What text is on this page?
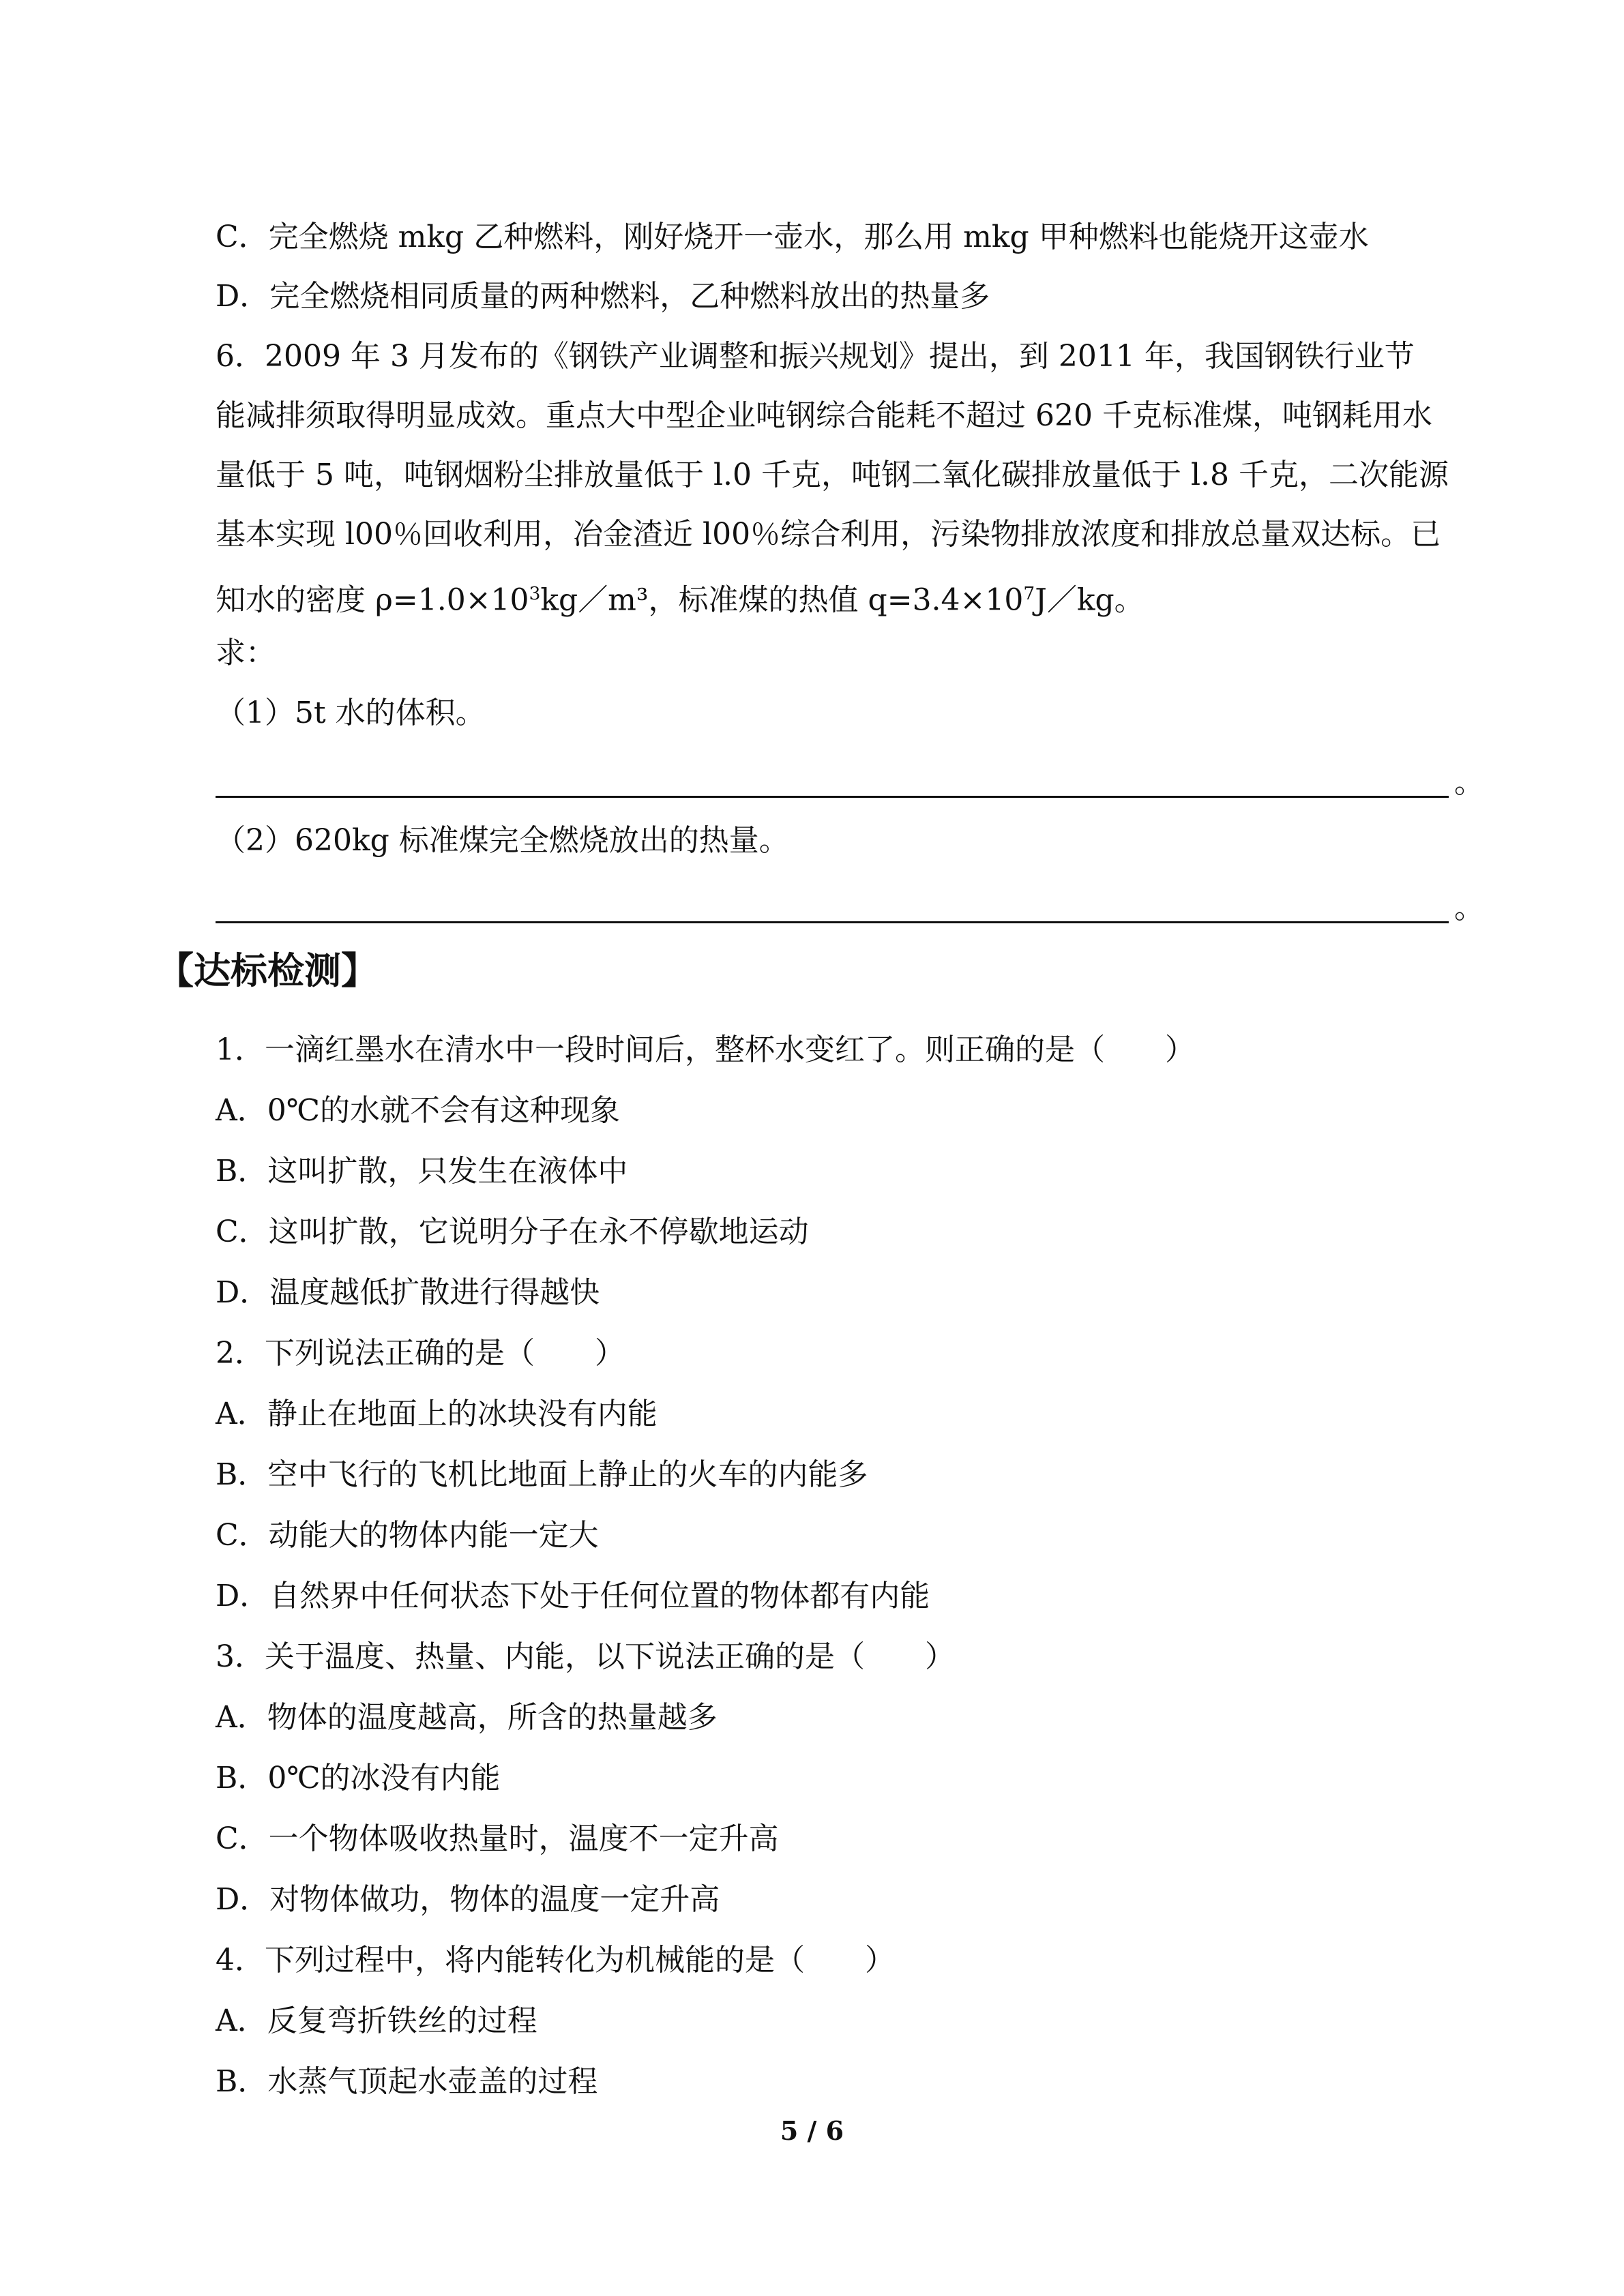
C．完全燃烧 mkg 乙种燃料，刚好烧开一壶水，那么用 mkg 甲种燃料也能烧开这壶水
D．完全燃烧相同质量的两种燃料，乙种燃料放出的热量多
6．2009 年 3 月发布的《钢铁产业调整和振兴规划》提出，到 2011 年，我国钢铁行业节
能减排须取得明显成效。重点大中型企业吨钢综合能耗不超过 620 千克标准煤，吨钢耗用水
量低于 5 吨，吨钢烟粉尘排放量低于 l.0 千克，吨钢二氧化碳排放量低于 l.8 千克，二次能源
基本实现 l00％回收利用，冶金渣近 l00％综合利用，污染物排放浓度和排放总量双达标。已
知水的密度 $\rho=1.0\times 10^3kg/m^3$，标准煤的热值 $q=3.4\times 10^7J/kg$。
求：
（1）5t 水的体积。
。
（2）620kg 标准煤完全燃烧放出的热量。
。
【达标检测】
1．一滴红墨水在清水中一段时间后，整杯水变红了。则正确的是（　　）
A．0℃的水就不会有这种现象
B．这叫扩散，只发生在液体中
C．这叫扩散，它说明分子在永不停歇地运动
D．温度越低扩散进行得越快
2．下列说法正确的是（　　）
A．静止在地面上的冰块没有内能
B．空中飞行的飞机比地面上静止的火车的内能多
C．动能大的物体内能一定大
D．自然界中任何状态下处于任何位置的物体都有内能
3．关于温度、热量、内能，以下说法正确的是（　　）
A．物体的温度越高，所含的热量越多
B．0℃的冰没有内能
C．一个物体吸收热量时，温度不一定升高
D．对物体做功，物体的温度一定升高
4．下列过程中，将内能转化为机械能的是（　　）
A．反复弯折铁丝的过程
B．水蒸气顶起水壶盖的过程
5 / 6
